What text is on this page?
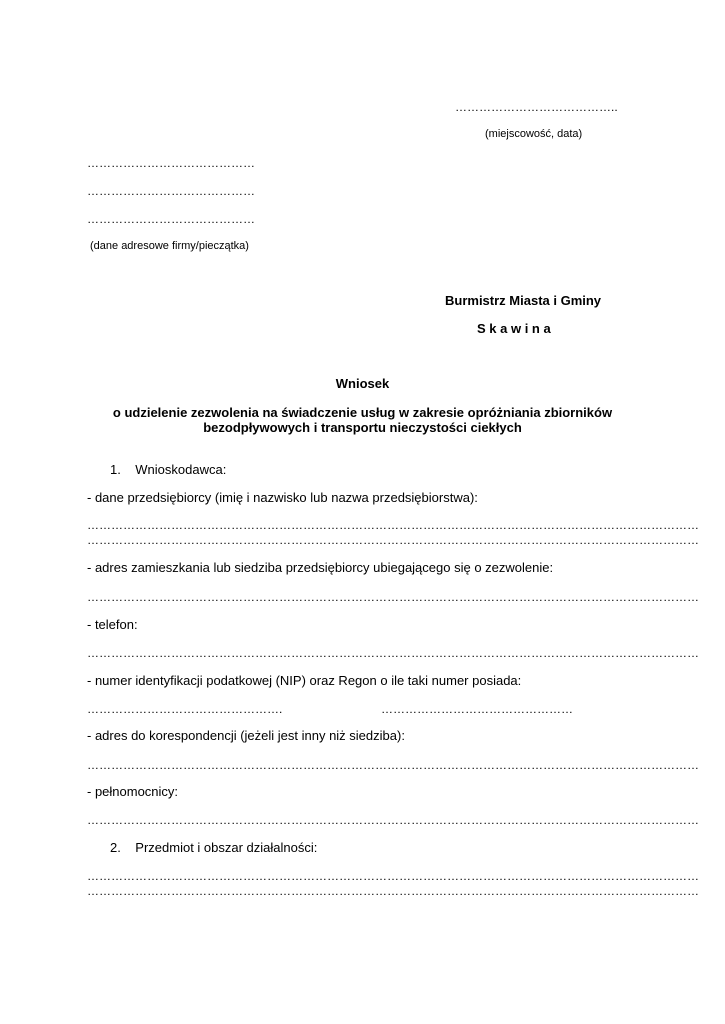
…………………………………..
(miejscowość, data)
……………………………………
……………………………………
……………………………………
(dane adresowe firmy/pieczątka)
Burmistrz Miasta i Gminy
S k a w i n a
Wniosek
o udzielenie zezwolenia na świadczenie usług w zakresie opróżniania zbiorników
bezodpływowych i transportu nieczystości ciekłych
1.    Wnioskodawca:
- dane przedsiębiorcy (imię i nazwisko lub nazwa przedsiębiorstwa):
………………………………………………………………………………………………………………………………………
………………………………………………………………………………………………………………………………………
- adres zamieszkania lub siedziba przedsiębiorcy ubiegającego się o zezwolenie:
………………………………………………………………………………………………………………………………………
- telefon:
………………………………………………………………………………………………………………………………………
- numer identyfikacji podatkowej (NIP) oraz Regon o ile taki numer posiada:
………………………………………….	…………………………………………
- adres do korespondencji (jeżeli jest inny niż siedziba):
………………………………………………………………………………………………………………………………………
- pełnomocnicy:
………………………………………………………………………………………………………………………………………
2.    Przedmiot i obszar działalności:
………………………………………………………………………………………………………………………………………
………………………………………………………………………………………………………………………………………
